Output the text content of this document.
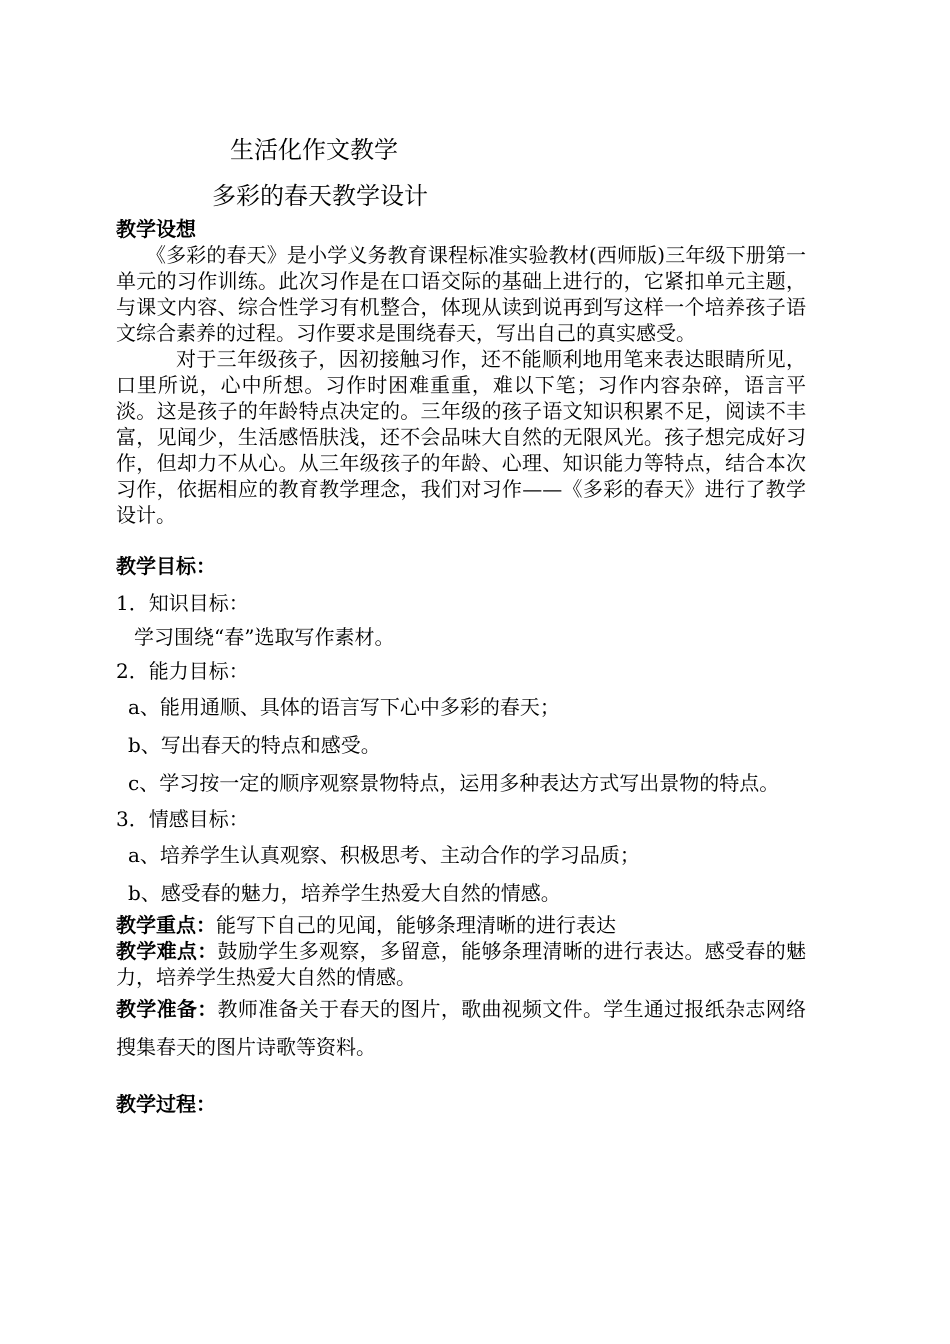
生活化作文教学
多彩的春天教学设计

教学设想

《多彩的春天》是小学义务教育课程标准实验教材(西师版)三年级下册第一单元的习作训练。此次习作是在口语交际的基础上进行的，它紧扣单元主题，与课文内容、综合性学习有机整合，体现从读到说再到写这样一个培养孩子语文综合素养的过程。习作要求是围绕春天，写出自己的真实感受。

对于三年级孩子，因初接触习作，还不能顺利地用笔来表达眼睛所见，口里所说，心中所想。习作时困难重重，难以下笔；习作内容杂碎，语言平淡。这是孩子的年龄特点决定的。三年级的孩子语文知识积累不足，阅读不丰富，见闻少，生活感悟肤浅，还不会品味大自然的无限风光。孩子想完成好习作，但却力不从心。从三年级孩子的年龄、心理、知识能力等特点，结合本次习作，依据相应的教育教学理念，我们对习作——《多彩的春天》进行了教学设计。

教学目标：

1．知识目标：

学习围绕“春”选取写作素材。

2．能力目标：

a、能用通顺、具体的语言写下心中多彩的春天；

b、写出春天的特点和感受。

c、学习按一定的顺序观察景物特点，运用多种表达方式写出景物的特点。

3．情感目标：

a、培养学生认真观察、积极思考、主动合作的学习品质；

b、感受春的魅力，培养学生热爱大自然的情感。

教学重点：能写下自己的见闻，能够条理清晰的进行表达

教学难点：鼓励学生多观察，多留意，能够条理清晰的进行表达。感受春的魅力，培养学生热爱大自然的情感。

教学准备：教师准备关于春天的图片，歌曲视频文件。学生通过报纸杂志网络搜集春天的图片诗歌等资料。

教学过程：
